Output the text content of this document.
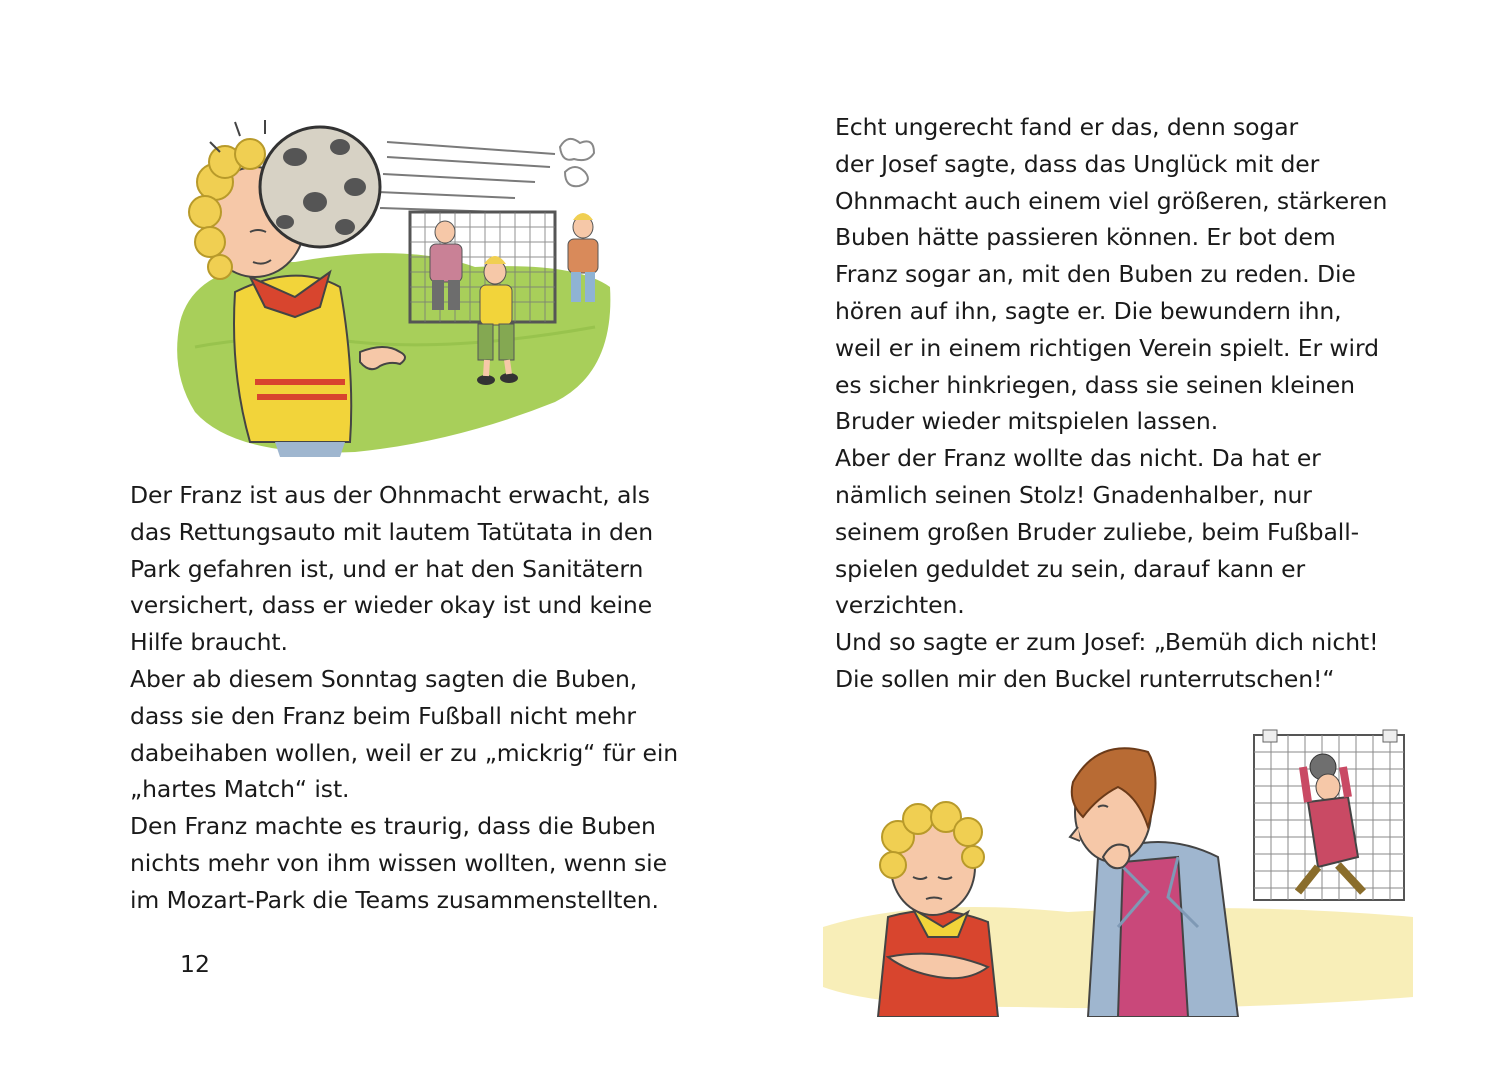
Der Franz ist aus der Ohnmacht erwacht, als
das Rettungsauto mit lautem Tatütata in den
Park gefahren ist, und er hat den Sanitätern
versichert, dass er wieder okay ist und keine
Hilfe braucht.
Aber ab diesem Sonntag sagten die Buben,
dass sie den Franz beim Fußball nicht mehr
dabeihaben wollen, weil er zu „mickrig“ für ein
„hartes Match“ ist.
Den Franz machte es traurig, dass die Buben
nichts mehr von ihm wissen wollten, wenn sie
im Mozart-Park die Teams zusammenstellten.
12
Echt ungerecht fand er das, denn sogar
der Josef sagte, dass das Unglück mit der
Ohnmacht auch einem viel größeren, stärkeren
Buben hätte passieren können. Er bot dem
Franz sogar an, mit den Buben zu reden. Die
hören auf ihn, sagte er. Die bewundern ihn,
weil er in einem richtigen Verein spielt. Er wird
es sicher hinkriegen, dass sie seinen kleinen
Bruder wieder mitspielen lassen.
Aber der Franz wollte das nicht. Da hat er
nämlich seinen Stolz! Gnadenhalber, nur
seinem großen Bruder zuliebe, beim Fußball-
spielen geduldet zu sein, darauf kann er
verzichten.
Und so sagte er zum Josef: „Bemüh dich nicht!
Die sollen mir den Buckel runterrutschen!“
